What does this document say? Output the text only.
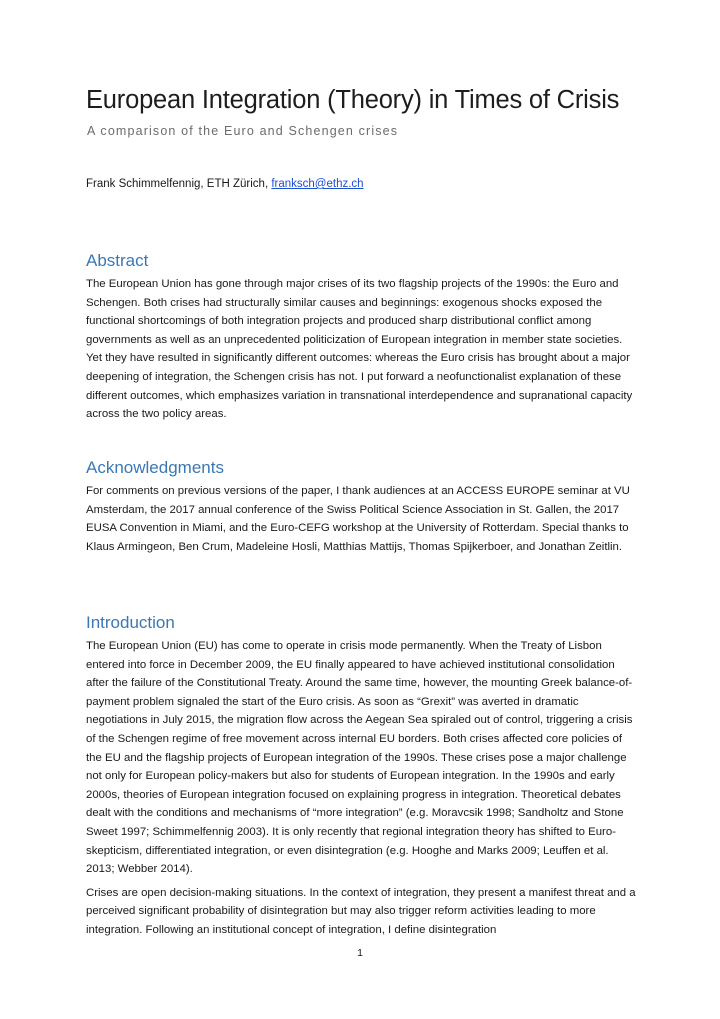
European Integration (Theory) in Times of Crisis
A comparison of the Euro and Schengen crises
Frank Schimmelfennig, ETH Zürich, franksch@ethz.ch
Abstract

The European Union has gone through major crises of its two flagship projects of the 1990s: the Euro and Schengen. Both crises had structurally similar causes and beginnings: exogenous shocks exposed the functional shortcomings of both integration projects and produced sharp distributional conflict among governments as well as an unprecedented politicization of European integration in member state societies. Yet they have resulted in significantly different outcomes: whereas the Euro crisis has brought about a major deepening of integration, the Schengen crisis has not. I put forward a neofunctionalist explanation of these different outcomes, which emphasizes variation in transnational interdependence and supranational capacity across the two policy areas.

Acknowledgments

For comments on previous versions of the paper, I thank audiences at an ACCESS EUROPE seminar at VU Amsterdam, the 2017 annual conference of the Swiss Political Science Association in St. Gallen, the 2017 EUSA Convention in Miami, and the Euro-CEFG workshop at the University of Rotterdam. Special thanks to Klaus Armingeon, Ben Crum, Madeleine Hosli, Matthias Mattijs, Thomas Spijkerboer, and Jonathan Zeitlin.

Introduction

The European Union (EU) has come to operate in crisis mode permanently. When the Treaty of Lisbon entered into force in December 2009, the EU finally appeared to have achieved institutional consolidation after the failure of the Constitutional Treaty. Around the same time, however, the mounting Greek balance-of-payment problem signaled the start of the Euro crisis. As soon as “Grexit” was averted in dramatic negotiations in July 2015, the migration flow across the Aegean Sea spiraled out of control, triggering a crisis of the Schengen regime of free movement across internal EU borders. Both crises affected core policies of the EU and the flagship projects of European integration of the 1990s. These crises pose a major challenge not only for European policy-makers but also for students of European integration. In the 1990s and early 2000s, theories of European integration focused on explaining progress in integration. Theoretical debates dealt with the conditions and mechanisms of “more integration” (e.g. Moravcsik 1998; Sandholtz and Stone Sweet 1997; Schimmelfennig 2003). It is only recently that regional integration theory has shifted to Euro-skepticism, differentiated integration, or even disintegration (e.g. Hooghe and Marks 2009; Leuffen et al. 2013; Webber 2014).

Crises are open decision-making situations. In the context of integration, they present a manifest threat and a perceived significant probability of disintegration but may also trigger reform activities leading to more integration. Following an institutional concept of integration, I define disintegration

1
